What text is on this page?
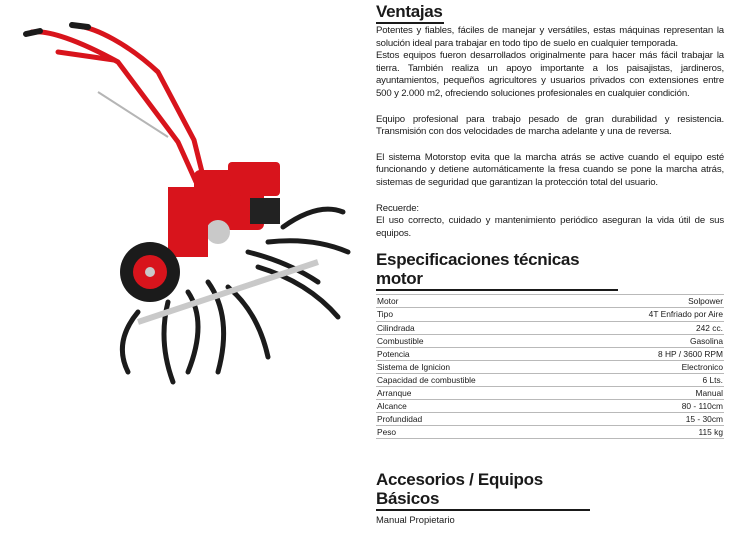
Ventajas

Potentes y fiables, fáciles de manejar y versátiles, estas máquinas representan la solución ideal para trabajar en todo tipo de suelo en cualquier temporada.
Estos equipos fueron desarrollados originalmente para hacer más fácil trabajar la tierra. También realiza un apoyo importante a los paisajistas, jardineros, ayuntamientos, pequeños agricultores y usuarios privados con extensiones entre 500 y 2.000 m2, ofreciendo soluciones profesionales en cualquier condición.

Equipo profesional para trabajo pesado de gran durabilidad y resistencia. Transmisión con dos velocidades de marcha adelante y una de reversa.

El sistema Motorstop evita que la marcha atrás se active cuando el equipo esté funcionando y detiene automáticamente la fresa cuando se pone la marcha atrás, sistemas de seguridad que garantizan la protección total del usuario.

Recuerde:
El uso correcto, cuidado y mantenimiento periódico aseguran la vida útil de sus equipos.

Especificaciones técnicas motor
Motor	Solpower
Tipo	4T Enfriado por Aire
Cilindrada	242 cc.
Combustible	Gasolina
Potencia	8 HP / 3600 RPM
Sistema de Ignicion	Electronico
Capacidad de combustible	6 Lts.
Arranque	Manual
Alcance	80 - 110cm
Profundidad	15 - 30cm
Peso	115 kg
Accesorios / Equipos Básicos
Manual Propietario
